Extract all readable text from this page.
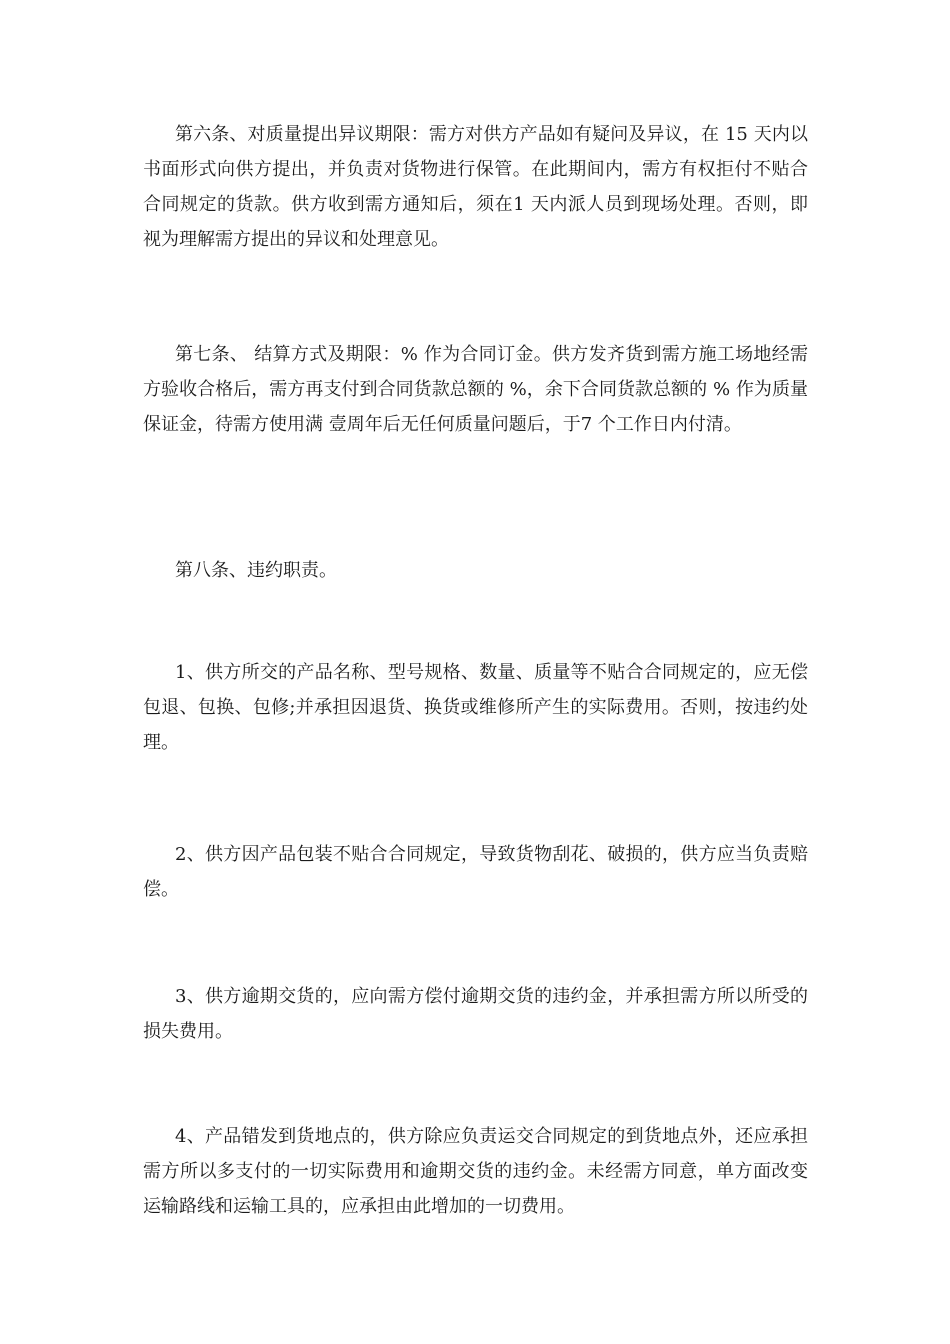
第六条、对质量提出异议期限：需方对供方产品如有疑问及异议，在 15 天内以书面形式向供方提出，并负责对货物进行保管。在此期间内，需方有权拒付不贴合合同规定的货款。供方收到需方通知后，须在1 天内派人员到现场处理。否则，即视为理解需方提出的异议和处理意见。

第七条、 结算方式及期限：% 作为合同订金。供方发齐货到需方施工场地经需方验收合格后，需方再支付到合同货款总额的 %，余下合同货款总额的 % 作为质量保证金，待需方使用满 壹周年后无任何质量问题后，于7 个工作日内付清。

第八条、违约职责。

1、供方所交的产品名称、型号规格、数量、质量等不贴合合同规定的，应无偿包退、包换、包修;并承担因退货、换货或维修所产生的实际费用。否则，按违约处理。

2、供方因产品包装不贴合合同规定，导致货物刮花、破损的，供方应当负责赔偿。

3、供方逾期交货的，应向需方偿付逾期交货的违约金，并承担需方所以所受的损失费用。

4、产品错发到货地点的，供方除应负责运交合同规定的到货地点外，还应承担需方所以多支付的一切实际费用和逾期交货的违约金。未经需方同意，单方面改变运输路线和运输工具的，应承担由此增加的一切费用。
